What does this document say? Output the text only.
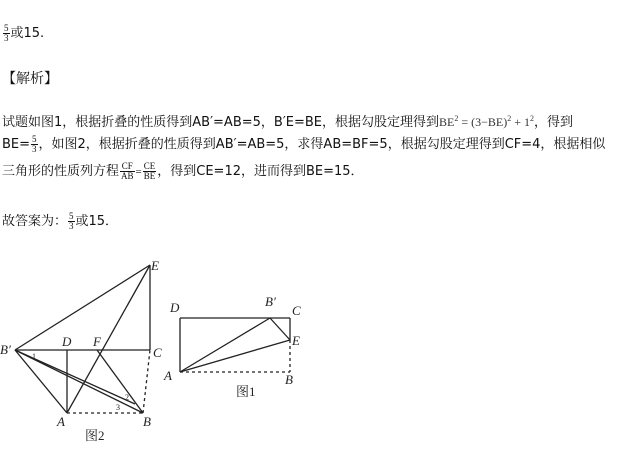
$\frac{5}{3}$ 或15.
【解析】
试题如图1，根据折叠的性质得到AB′=AB=5，B′E=BE，根据勾股定理得到$BE^2 = (3-BE)^2 + 1^2$，得到
$BE= \frac{5}{3}$ ，如图2，根据折叠的性质得到AB′=AB=5，求得AB=BF=5，根据勾股定理得到CF=4，根据相似
三角形的性质列方程 $\frac{CF}{AB} = \frac{CE}{BE}$ ，得到CE=12，进而得到BE=15．
故答案为： $\frac{5}{3}$ 或15．
E
B′
D F
C
A	B
1
2
3
图2
D	B′
C
E
A	B
图1
